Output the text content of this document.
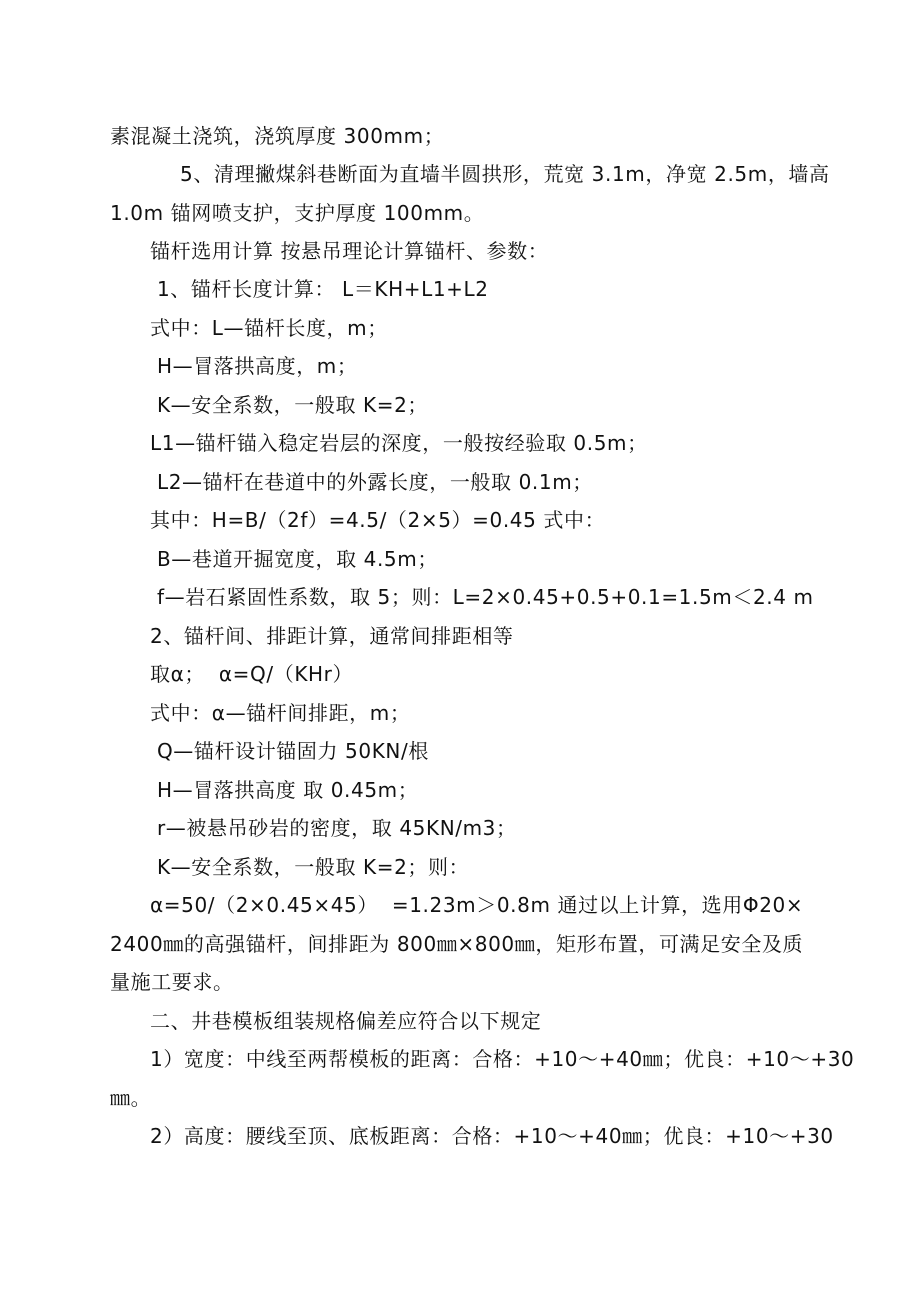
素混凝土浇筑，浇筑厚度 300mm；
5、清理撇煤斜巷断面为直墙半圆拱形，荒宽 3.1m，净宽 2.5m，墙高
1.0m 锚网喷支护，支护厚度 100mm。
锚杆选用计算 按悬吊理论计算锚杆、参数：
1、锚杆长度计算： L＝KH+L1+L2
式中：L—锚杆长度，m；
H—冒落拱高度，m；
K—安全系数，一般取 K=2；
L1—锚杆锚入稳定岩层的深度，一般按经验取 0.5m；
L2—锚杆在巷道中的外露长度，一般取 0.1m；
其中：H=B/（2f）=4.5/（2×5）=0.45 式中：
B—巷道开掘宽度，取 4.5m；
f—岩石紧固性系数，取 5；则：L=2×0.45+0.5+0.1=1.5m＜2.4 m
2、锚杆间、排距计算，通常间排距相等
取α；  α=Q/（KHr）
式中：α—锚杆间排距，m；
Q—锚杆设计锚固力 50KN/根
H—冒落拱高度 取 0.45m；
r—被悬吊砂岩的密度，取 45KN/m3；
K—安全系数，一般取 K=2；则：
α=50/（2×0.45×45）  =1.23m＞0.8m 通过以上计算，选用Φ20×
2400㎜的高强锚杆，间排距为 800㎜×800㎜，矩形布置，可满足安全及质
量施工要求。
二、井巷模板组装规格偏差应符合以下规定
1）宽度：中线至两帮模板的距离：合格：+10～+40㎜；优良：+10～+30
㎜。
2）高度：腰线至顶、底板距离：合格：+10～+40㎜；优良：+10～+30
